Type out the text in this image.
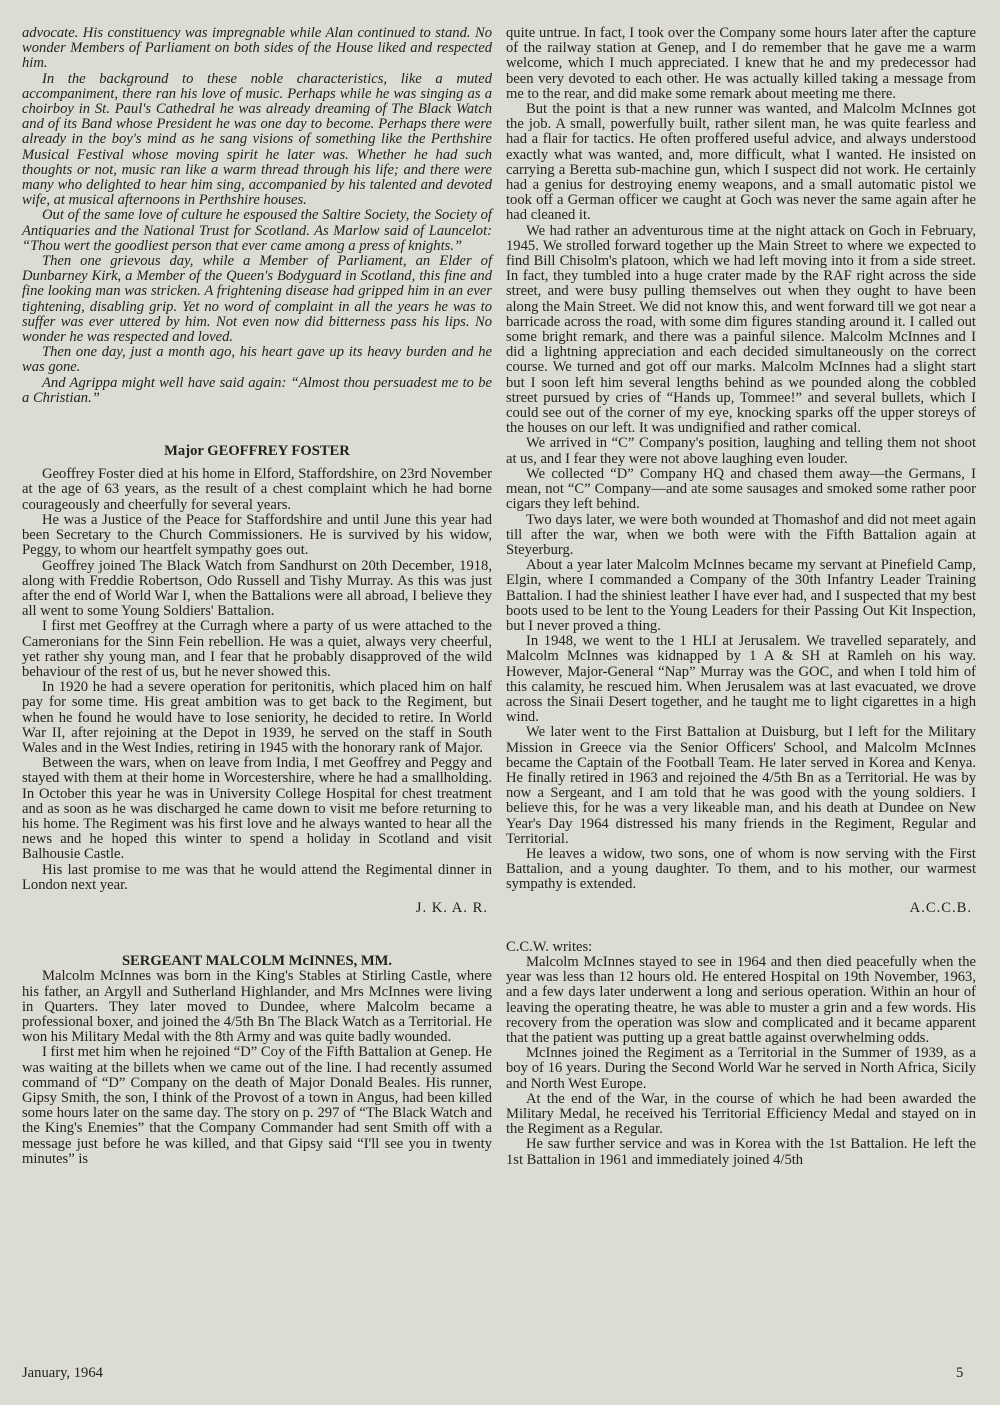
advocate. His constituency was impregnable while Alan continued to stand. No wonder Members of Parliament on both sides of the House liked and respected him.

In the background to these noble characteristics, like a muted accompaniment, there ran his love of music. Perhaps while he was singing as a choirboy in St. Paul's Cathedral he was already dreaming of The Black Watch and of its Band whose President he was one day to become. Perhaps there were already in the boy's mind as he sang visions of something like the Perthshire Musical Festival whose moving spirit he later was. Whether he had such thoughts or not, music ran like a warm thread through his life; and there were many who delighted to hear him sing, accompanied by his talented and devoted wife, at musical afternoons in Perthshire houses.

Out of the same love of culture he espoused the Saltire Society, the Society of Antiquaries and the National Trust for Scotland. As Marlow said of Launcelot: “Thou wert the goodliest person that ever came among a press of knights.”

Then one grievous day, while a Member of Parliament, an Elder of Dunbarney Kirk, a Member of the Queen's Bodyguard in Scotland, this fine and fine looking man was stricken. A frightening disease had gripped him in an ever tightening, disabling grip. Yet no word of complaint in all the years he was to suffer was ever uttered by him. Not even now did bitterness pass his lips. No wonder he was respected and loved.

Then one day, just a month ago, his heart gave up its heavy burden and he was gone.

And Agrippa might well have said again: “Almost thou persuadest me to be a Christian.”

Major GEOFFREY FOSTER

Geoffrey Foster died at his home in Elford, Staffordshire, on 23rd November at the age of 63 years, as the result of a chest complaint which he had borne courageously and cheerfully for several years.

He was a Justice of the Peace for Staffordshire and until June this year had been Secretary to the Church Commissioners. He is survived by his widow, Peggy, to whom our heartfelt sympathy goes out.

Geoffrey joined The Black Watch from Sandhurst on 20th December, 1918, along with Freddie Robertson, Odo Russell and Tishy Murray. As this was just after the end of World War I, when the Battalions were all abroad, I believe they all went to some Young Soldiers' Battalion.

I first met Geoffrey at the Curragh where a party of us were attached to the Cameronians for the Sinn Fein rebellion. He was a quiet, always very cheerful, yet rather shy young man, and I fear that he probably disapproved of the wild behaviour of the rest of us, but he never showed this.

In 1920 he had a severe operation for peritonitis, which placed him on half pay for some time. His great ambition was to get back to the Regiment, but when he found he would have to lose seniority, he decided to retire. In World War II, after rejoining at the Depot in 1939, he served on the staff in South Wales and in the West Indies, retiring in 1945 with the honorary rank of Major.

Between the wars, when on leave from India, I met Geoffrey and Peggy and stayed with them at their home in Worcestershire, where he had a smallholding. In October this year he was in University College Hospital for chest treatment and as soon as he was discharged he came down to visit me before returning to his home. The Regiment was his first love and he always wanted to hear all the news and he hoped this winter to spend a holiday in Scotland and visit Balhousie Castle.

His last promise to me was that he would attend the Regimental dinner in London next year.

J. K. A. R.

SERGEANT MALCOLM McINNES, MM.

Malcolm McInnes was born in the King's Stables at Stirling Castle, where his father, an Argyll and Sutherland Highlander, and Mrs McInnes were living in Quarters. They later moved to Dundee, where Malcolm became a professional boxer, and joined the 4/5th Bn The Black Watch as a Territorial. He won his Military Medal with the 8th Army and was quite badly wounded.

I first met him when he rejoined “D” Coy of the Fifth Battalion at Genep. He was waiting at the billets when we came out of the line. I had recently assumed command of “D” Company on the death of Major Donald Beales. His runner, Gipsy Smith, the son, I think of the Provost of a town in Angus, had been killed some hours later on the same day. The story on p. 297 of “The Black Watch and the King's Enemies” that the Company Commander had sent Smith off with a message just before he was killed, and that Gipsy said “I'll see you in twenty minutes” is

quite untrue. In fact, I took over the Company some hours later after the capture of the railway station at Genep, and I do remember that he gave me a warm welcome, which I much appreciated. I knew that he and my predecessor had been very devoted to each other. He was actually killed taking a message from me to the rear, and did make some remark about meeting me there.

But the point is that a new runner was wanted, and Malcolm McInnes got the job. A small, powerfully built, rather silent man, he was quite fearless and had a flair for tactics. He often proffered useful advice, and always understood exactly what was wanted, and, more difficult, what I wanted. He insisted on carrying a Beretta sub-machine gun, which I suspect did not work. He certainly had a genius for destroying enemy weapons, and a small automatic pistol we took off a German officer we caught at Goch was never the same again after he had cleaned it.

We had rather an adventurous time at the night attack on Goch in February, 1945. We strolled forward together up the Main Street to where we expected to find Bill Chisolm's platoon, which we had left moving into it from a side street. In fact, they tumbled into a huge crater made by the RAF right across the side street, and were busy pulling themselves out when they ought to have been along the Main Street. We did not know this, and went forward till we got near a barricade across the road, with some dim figures standing around it. I called out some bright remark, and there was a painful silence. Malcolm McInnes and I did a lightning appreciation and each decided simultaneously on the correct course. We turned and got off our marks. Malcolm McInnes had a slight start but I soon left him several lengths behind as we pounded along the cobbled street pursued by cries of “Hands up, Tommee!” and several bullets, which I could see out of the corner of my eye, knocking sparks off the upper storeys of the houses on our left. It was undignified and rather comical.

We arrived in “C” Company's position, laughing and telling them not shoot at us, and I fear they were not above laughing even louder.

We collected “D” Company HQ and chased them away—the Germans, I mean, not “C” Company—and ate some sausages and smoked some rather poor cigars they left behind.

Two days later, we were both wounded at Thomashof and did not meet again till after the war, when we both were with the Fifth Battalion again at Steyerburg.

About a year later Malcolm McInnes became my servant at Pinefield Camp, Elgin, where I commanded a Company of the 30th Infantry Leader Training Battalion. I had the shiniest leather I have ever had, and I suspected that my best boots used to be lent to the Young Leaders for their Passing Out Kit Inspection, but I never proved a thing.

In 1948, we went to the 1 HLI at Jerusalem. We travelled separately, and Malcolm McInnes was kidnapped by 1 A & SH at Ramleh on his way. However, Major-General “Nap” Murray was the GOC, and when I told him of this calamity, he rescued him. When Jerusalem was at last evacuated, we drove across the Sinaii Desert together, and he taught me to light cigarettes in a high wind.

We later went to the First Battalion at Duisburg, but I left for the Military Mission in Greece via the Senior Officers' School, and Malcolm McInnes became the Captain of the Football Team. He later served in Korea and Kenya. He finally retired in 1963 and rejoined the 4/5th Bn as a Territorial. He was by now a Sergeant, and I am told that he was good with the young soldiers. I believe this, for he was a very likeable man, and his death at Dundee on New Year's Day 1964 distressed his many friends in the Regiment, Regular and Territorial.

He leaves a widow, two sons, one of whom is now serving with the First Battalion, and a young daughter. To them, and to his mother, our warmest sympathy is extended.

A.C.C.B.

C.C.W. writes:

Malcolm McInnes stayed to see in 1964 and then died peacefully when the year was less than 12 hours old. He entered Hospital on 19th November, 1963, and a few days later underwent a long and serious operation. Within an hour of leaving the operating theatre, he was able to muster a grin and a few words. His recovery from the operation was slow and complicated and it became apparent that the patient was putting up a great battle against overwhelming odds.

McInnes joined the Regiment as a Territorial in the Summer of 1939, as a boy of 16 years. During the Second World War he served in North Africa, Sicily and North West Europe.

At the end of the War, in the course of which he had been awarded the Military Medal, he received his Territorial Efficiency Medal and stayed on in the Regiment as a Regular.

He saw further service and was in Korea with the 1st Battalion. He left the 1st Battalion in 1961 and immediately joined 4/5th

January, 1964	5
